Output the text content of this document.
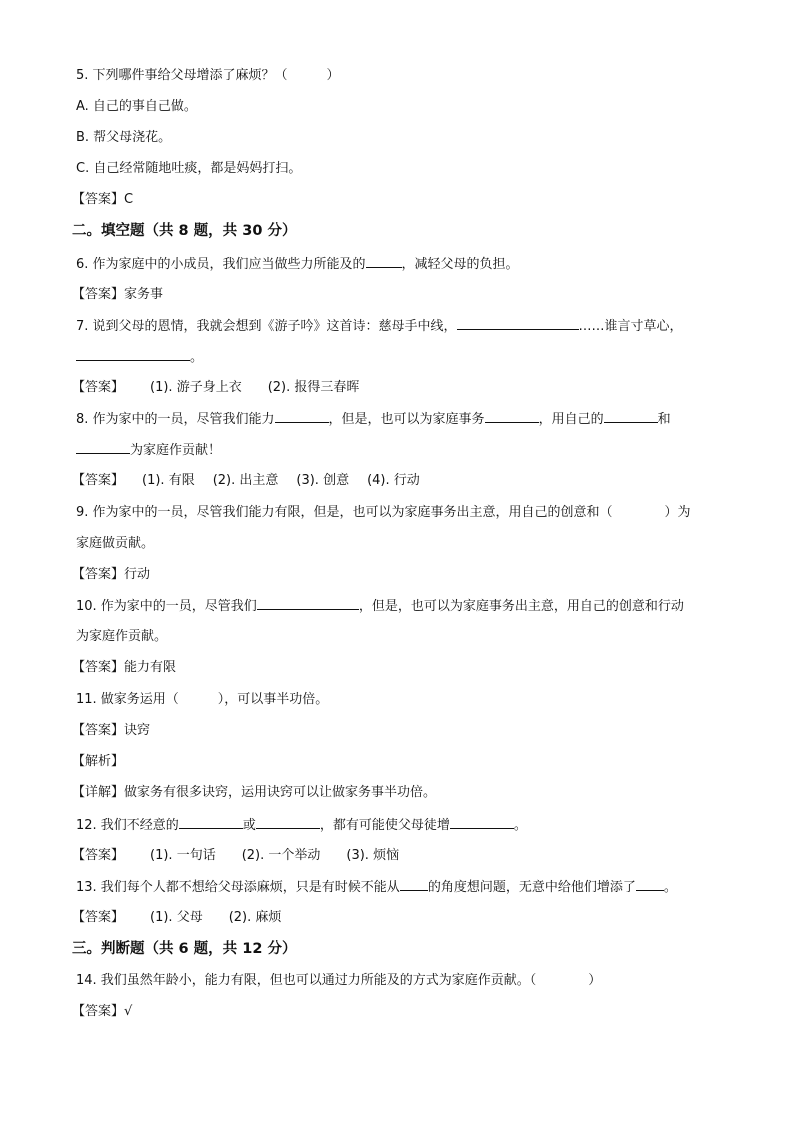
5. 下列哪件事给父母增添了麻烦？（　　　）
A. 自己的事自己做。
B. 帮父母浇花。
C. 自己经常随地吐痰，都是妈妈打扫。
【答案】C
二。填空题（共 8 题，共 30 分）
6. 作为家庭中的小成员，我们应当做些力所能及的	，减轻父母的负担。
【答案】家务事
7. 说到父母的恩情，我就会想到《游子吟》这首诗：慈母手中线，	……谁言寸草心，
。
【答案】 (1). 游子身上衣 (2). 报得三春晖
8. 作为家中的一员，尽管我们能力	，但是，也可以为家庭事务	，用自己的	和
为家庭作贡献！
【答案】 (1). 有限 (2). 出主意 (3). 创意 (4). 行动
9. 作为家中的一员，尽管我们能力有限，但是，也可以为家庭事务出主意，用自己的创意和（　　　　）为
家庭做贡献。
【答案】行动
10. 作为家中的一员，尽管我们	，但是，也可以为家庭事务出主意，用自己的创意和行动
为家庭作贡献。
【答案】能力有限
11. 做家务运用（　　　），可以事半功倍。
【答案】诀窍
【解析】
【详解】做家务有很多诀窍，运用诀窍可以让做家务事半功倍。
12. 我们不经意的	或	，都有可能使父母徒增	。
【答案】 (1). 一句话 (2). 一个举动 (3). 烦恼
13. 我们每个人都不想给父母添麻烦，只是有时候不能从 的角度想问题，无意中给他们增添了 。
【答案】 (1). 父母 (2). 麻烦
三。判断题（共 6 题，共 12 分）
14. 我们虽然年龄小，能力有限，但也可以通过力所能及的方式为家庭作贡献。（　　　　）
【答案】√
